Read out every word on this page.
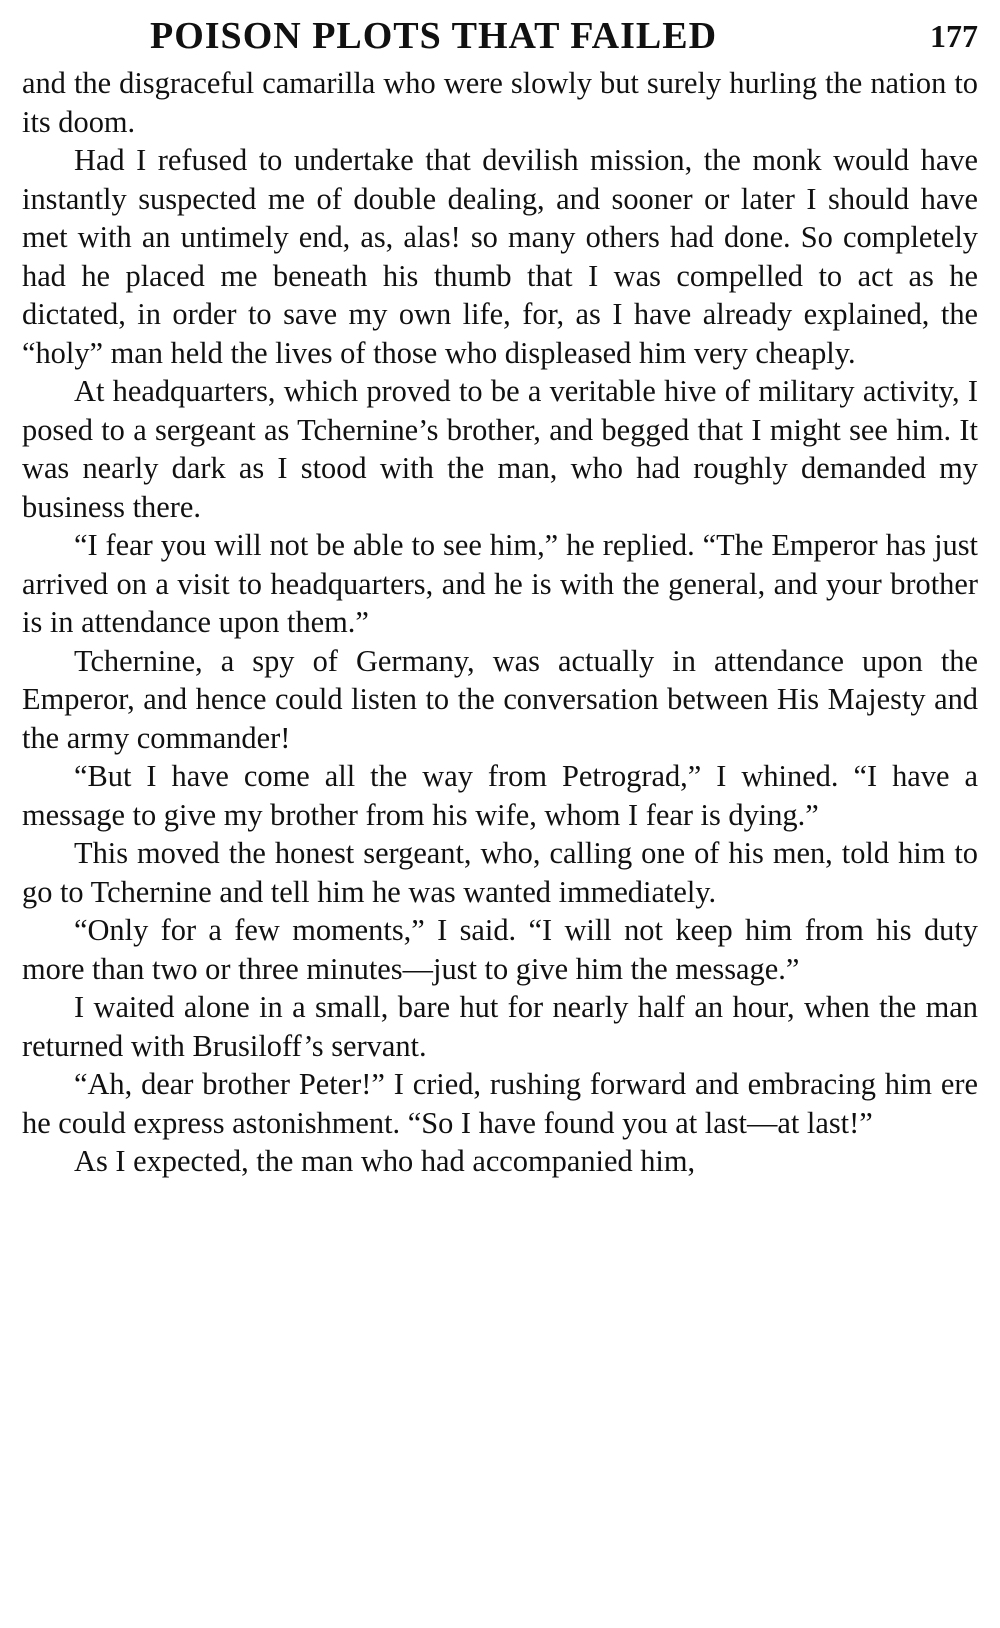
POISON PLOTS THAT FAILED	177

and the disgraceful camarilla who were slowly but surely hurling the nation to its doom.

Had I refused to undertake that devilish mission, the monk would have instantly suspected me of double dealing, and sooner or later I should have met with an untimely end, as, alas! so many others had done. So completely had he placed me beneath his thumb that I was compelled to act as he dictated, in order to save my own life, for, as I have already explained, the “holy” man held the lives of those who displeased him very cheaply.

At headquarters, which proved to be a veritable hive of military activity, I posed to a sergeant as Tchernine’s brother, and begged that I might see him. It was nearly dark as I stood with the man, who had roughly demanded my business there.

“I fear you will not be able to see him,” he replied. “The Emperor has just arrived on a visit to headquarters, and he is with the general, and your brother is in attendance upon them.”

Tchernine, a spy of Germany, was actually in attendance upon the Emperor, and hence could listen to the conversation between His Majesty and the army commander!

“But I have come all the way from Petrograd,” I whined. “I have a message to give my brother from his wife, whom I fear is dying.”

This moved the honest sergeant, who, calling one of his men, told him to go to Tchernine and tell him he was wanted immediately.

“Only for a few moments,” I said. “I will not keep him from his duty more than two or three minutes—just to give him the message.”

I waited alone in a small, bare hut for nearly half an hour, when the man returned with Brusiloff’s servant.

“Ah, dear brother Peter!” I cried, rushing forward and embracing him ere he could express astonishment. “So I have found you at last—at last!”

As I expected, the man who had accompanied him,
